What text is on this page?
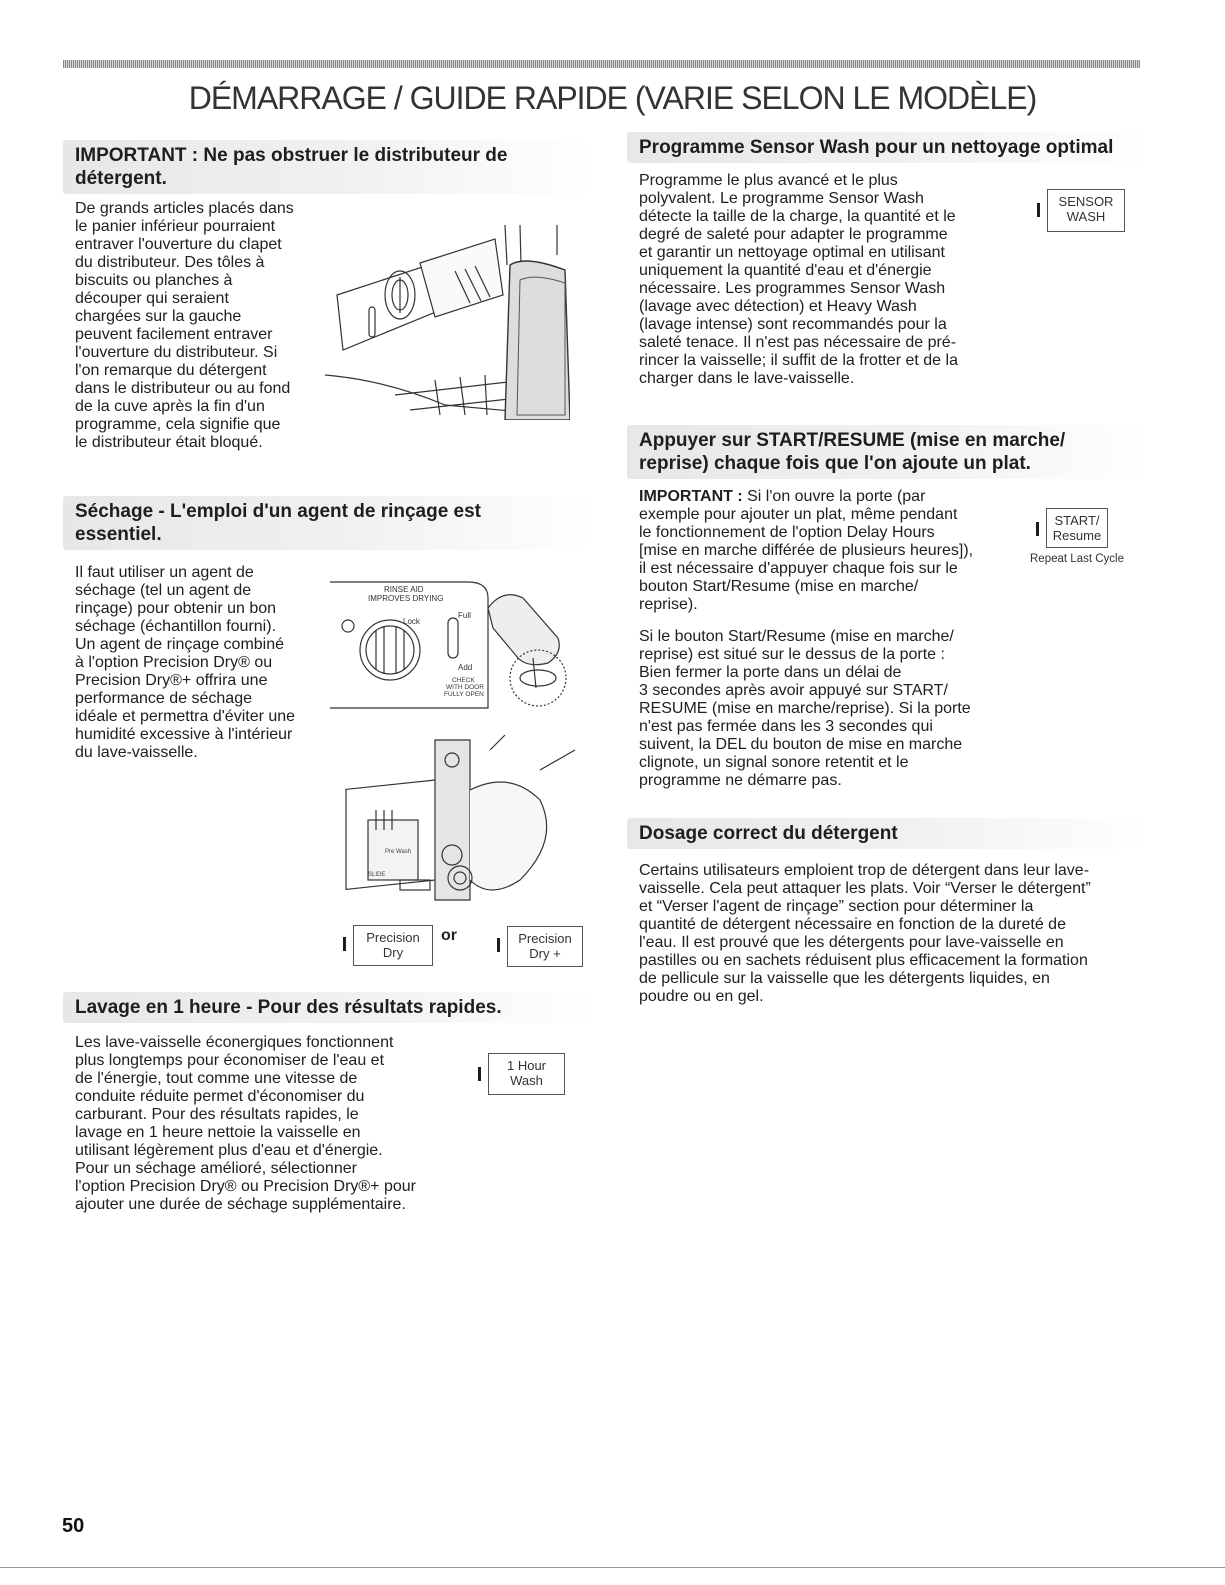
DÉMARRAGE / GUIDE RAPIDE (VARIE SELON LE MODÈLE)
IMPORTANT : Ne pas obstruer le distributeur de
détergent.

De grands articles placés dans
le panier inférieur pourraient
entraver l'ouverture du clapet
du distributeur. Des tôles à
biscuits ou planches à
découper qui seraient
chargées sur la gauche
peuvent facilement entraver
l'ouverture du distributeur. Si
l'on remarque du détergent
dans le distributeur ou au fond
de la cuve après la fin d'un
programme, cela signifie que
le distributeur était bloqué.

Séchage - L'emploi d'un agent de rinçage est
essentiel.

Il faut utiliser un agent de
séchage (tel un agent de
rinçage) pour obtenir un bon
séchage (échantillon fourni).
Un agent de rinçage combiné
à l'option Precision Dry® ou
Precision Dry®+ offrira une
performance de séchage
idéale et permettra d'éviter une
humidité excessive à l'intérieur
du lave-vaisselle.

RINSE AID IMPROVES DRYING
Lock
Full
Add
CHECK WITH DOOR FULLY OPEN
Pre Wash
SLIDE
Precision
Dry
or	Precision
Dry +
Lavage en 1 heure - Pour des résultats rapides.

Les lave-vaisselle éconergiques fonctionnent
plus longtemps pour économiser de l'eau et
de l'énergie, tout comme une vitesse de
conduite réduite permet d'économiser du
carburant. Pour des résultats rapides, le
lavage en 1 heure nettoie la vaisselle en
utilisant légèrement plus d'eau et d'énergie.
Pour un séchage amélioré, sélectionner
l'option Precision Dry® ou Precision Dry®+ pour
ajouter une durée de séchage supplémentaire.

1 Hour
Wash
Programme Sensor Wash pour un nettoyage optimal

Programme le plus avancé et le plus
polyvalent. Le programme Sensor Wash
détecte la taille de la charge, la quantité et le
degré de saleté pour adapter le programme
et garantir un nettoyage optimal en utilisant
uniquement la quantité d'eau et d'énergie
nécessaire. Les programmes Sensor Wash
(lavage avec détection) et Heavy Wash
(lavage intense) sont recommandés pour la
saleté tenace. Il n'est pas nécessaire de pré-
rincer la vaisselle; il suffit de la frotter et de la
charger dans le lave-vaisselle.

SENSOR
WASH
Appuyer sur START/RESUME (mise en marche/
reprise) chaque fois que l'on ajoute un plat.

IMPORTANT : Si l'on ouvre la porte (par
exemple pour ajouter un plat, même pendant
le fonctionnement de l'option Delay Hours
[mise en marche différée de plusieurs heures]),
il est nécessaire d'appuyer chaque fois sur le
bouton Start/Resume (mise en marche/
reprise).

Si le bouton Start/Resume (mise en marche/
reprise) est situé sur le dessus de la porte :
Bien fermer la porte dans un délai de
3 secondes après avoir appuyé sur START/
RESUME (mise en marche/reprise). Si la porte
n'est pas fermée dans les 3 secondes qui
suivent, la DEL du bouton de mise en marche
clignote, un signal sonore retentit et le
programme ne démarre pas.

START/
Resume
Repeat Last Cycle
Dosage correct du détergent

Certains utilisateurs emploient trop de détergent dans leur lave-
vaisselle. Cela peut attaquer les plats. Voir “Verser le détergent”
et “Verser l'agent de rinçage” section pour déterminer la
quantité de détergent nécessaire en fonction de la dureté de
l'eau. Il est prouvé que les détergents pour lave-vaisselle en
pastilles ou en sachets réduisent plus efficacement la formation
de pellicule sur la vaisselle que les détergents liquides, en
poudre ou en gel.

50
